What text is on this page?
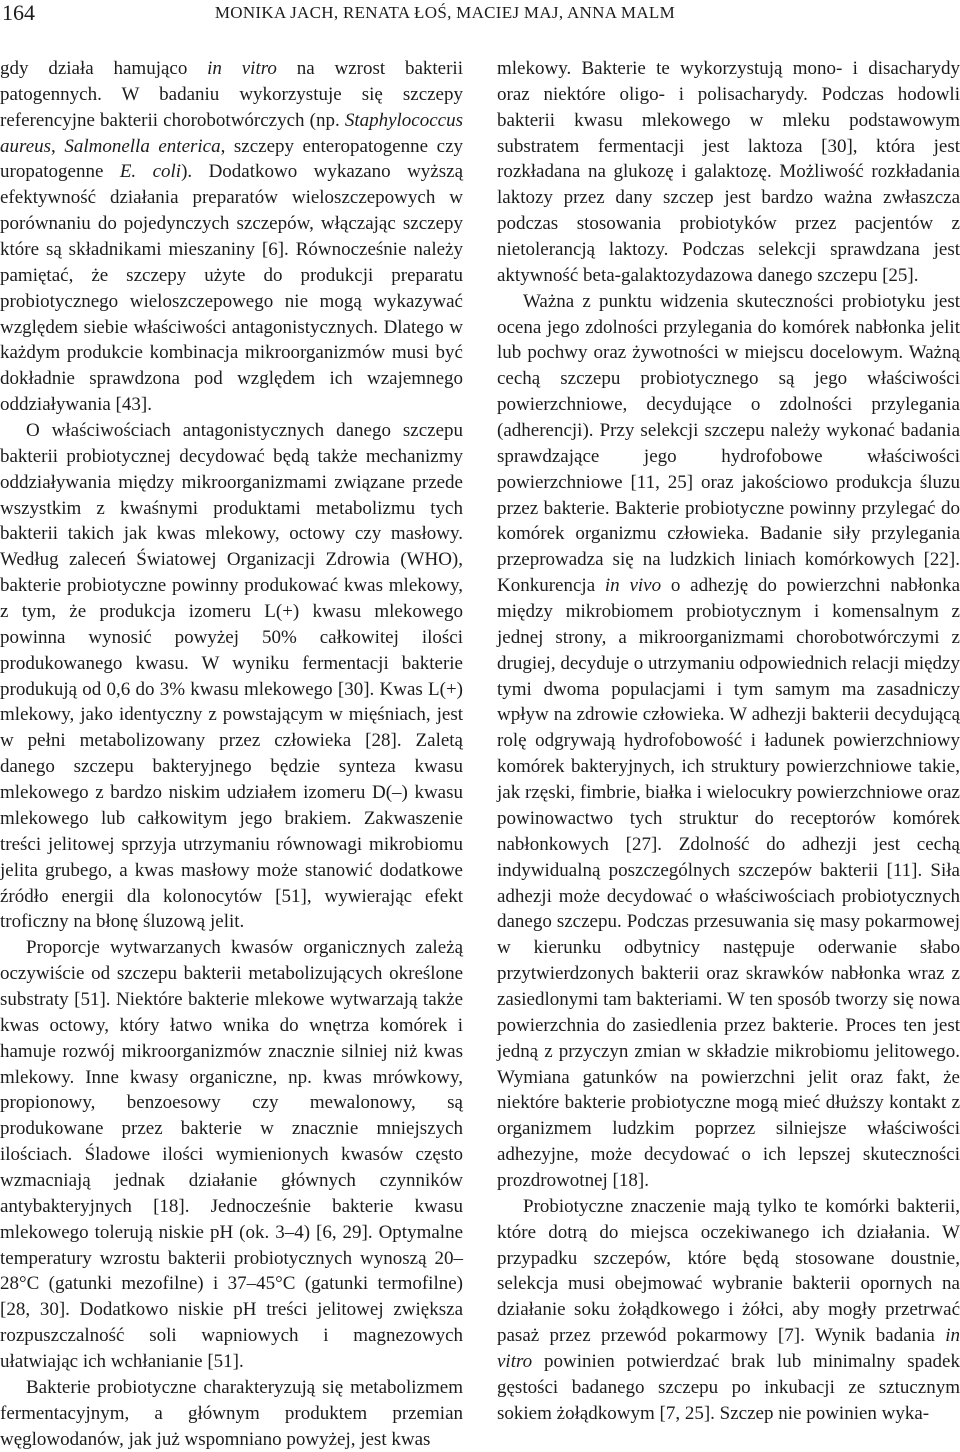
164	MONIKA JACH, RENATA ŁOŚ, MACIEJ MAJ, ANNA MALM

gdy działa hamująco in vitro na wzrost bakterii patogennych. W badaniu wykorzystuje się szczepy referencyjne bakterii chorobotwórczych (np. Staphylococcus aureus, Salmonella enterica, szczepy enteropatogenne czy uropatogenne E. coli). Dodatkowo wykazano wyższą efektywność działania preparatów wieloszczepowych w porównaniu do pojedynczych szczepów, włączając szczepy które są składnikami mieszaniny [6]. Równocześnie należy pamiętać, że szczepy użyte do produkcji preparatu probiotycznego wieloszczepowego nie mogą wykazywać względem siebie właściwości antagonistycznych. Dlatego w każdym produkcie kombinacja mikroorganizmów musi być dokładnie sprawdzona pod względem ich wzajemnego oddziaływania [43].

O właściwościach antagonistycznych danego szczepu bakterii probiotycznej decydować będą także mechanizmy oddziaływania między mikroorganizmami związane przede wszystkim z kwaśnymi produktami metabolizmu tych bakterii takich jak kwas mlekowy, octowy czy masłowy. Według zaleceń Światowej Organizacji Zdrowia (WHO), bakterie probiotyczne powinny produkować kwas mlekowy, z tym, że produkcja izomeru L(+) kwasu mlekowego powinna wynosić powyżej 50% całkowitej ilości produkowanego kwasu. W wyniku fermentacji bakterie produkują od 0,6 do 3% kwasu mlekowego [30]. Kwas L(+) mlekowy, jako identyczny z powstającym w mięśniach, jest w pełni metabolizowany przez człowieka [28]. Zaletą danego szczepu bakteryjnego będzie synteza kwasu mlekowego z bardzo niskim udziałem izomeru D(–) kwasu mlekowego lub całkowitym jego brakiem. Zakwaszenie treści jelitowej sprzyja utrzymaniu równowagi mikrobiomu jelita grubego, a kwas masłowy może stanowić dodatkowe źródło energii dla kolonocytów [51], wywierając efekt troficzny na błonę śluzową jelit.

Proporcje wytwarzanych kwasów organicznych zależą oczywiście od szczepu bakterii metabolizujących określone substraty [51]. Niektóre bakterie mlekowe wytwarzają także kwas octowy, który łatwo wnika do wnętrza komórek i hamuje rozwój mikroorganizmów znacznie silniej niż kwas mlekowy. Inne kwasy organiczne, np. kwas mrówkowy, propionowy, benzoesowy czy mewalonowy, są produkowane przez bakterie w znacznie mniejszych ilościach. Śladowe ilości wymienionych kwasów często wzmacniają jednak działanie głównych czynników antybakteryjnych [18]. Jednocześnie bakterie kwasu mlekowego tolerują niskie pH (ok. 3–4) [6, 29]. Optymalne temperatury wzrostu bakterii probiotycznych wynoszą 20–28°C (gatunki mezofilne) i 37–45°C (gatunki termofilne) [28, 30]. Dodatkowo niskie pH treści jelitowej zwiększa rozpuszczalność soli wapniowych i magnezowych ułatwiając ich wchłanianie [51].

Bakterie probiotyczne charakteryzują się metabolizmem fermentacyjnym, a głównym produktem przemian węglowodanów, jak już wspomniano powyżej, jest kwas

mlekowy. Bakterie te wykorzystują mono- i disacharydy oraz niektóre oligo- i polisacharydy. Podczas hodowli bakterii kwasu mlekowego w mleku podstawowym substratem fermentacji jest laktoza [30], która jest rozkładana na glukozę i galaktozę. Możliwość rozkładania laktozy przez dany szczep jest bardzo ważna zwłaszcza podczas stosowania probiotyków przez pacjentów z nietolerancją laktozy. Podczas selekcji sprawdzana jest aktywność beta-galaktozydazowa danego szczepu [25].

Ważna z punktu widzenia skuteczności probiotyku jest ocena jego zdolności przylegania do komórek nabłonka jelit lub pochwy oraz żywotności w miejscu docelowym. Ważną cechą szczepu probiotycznego są jego właściwości powierzchniowe, decydujące o zdolności przylegania (adherencji). Przy selekcji szczepu należy wykonać badania sprawdzające jego hydrofobowe właściwości powierzchniowe [11, 25] oraz jakościowo produkcja śluzu przez bakterie. Bakterie probiotyczne powinny przylegać do komórek organizmu człowieka. Badanie siły przylegania przeprowadza się na ludzkich liniach komórkowych [22]. Konkurencja in vivo o adhezję do powierzchni nabłonka między mikrobiomem probiotycznym i komensalnym z jednej strony, a mikroorganizmami chorobotwórczymi z drugiej, decyduje o utrzymaniu odpowiednich relacji między tymi dwoma populacjami i tym samym ma zasadniczy wpływ na zdrowie człowieka. W adhezji bakterii decydującą rolę odgrywają hydrofobowość i ładunek powierzchniowy komórek bakteryjnych, ich struktury powierzchniowe takie, jak rzęski, fimbrie, białka i wielocukry powierzchniowe oraz powinowactwo tych struktur do receptorów komórek nabłonkowych [27]. Zdolność do adhezji jest cechą indywidualną poszczególnych szczepów bakterii [11]. Siła adhezji może decydować o właściwościach probiotycznych danego szczepu. Podczas przesuwania się masy pokarmowej w kierunku odbytnicy następuje oderwanie słabo przytwierdzonych bakterii oraz skrawków nabłonka wraz z zasiedlonymi tam bakteriami. W ten sposób tworzy się nowa powierzchnia do zasiedlenia przez bakterie. Proces ten jest jedną z przyczyn zmian w składzie mikrobiomu jelitowego. Wymiana gatunków na powierzchni jelit oraz fakt, że niektóre bakterie probiotyczne mogą mieć dłuższy kontakt z organizmem ludzkim poprzez silniejsze właściwości adhezyjne, może decydować o ich lepszej skuteczności prozdrowotnej [18].

Probiotyczne znaczenie mają tylko te komórki bakterii, które dotrą do miejsca oczekiwanego ich działania. W przypadku szczepów, które będą stosowane doustnie, selekcja musi obejmować wybranie bakterii opornych na działanie soku żołądkowego i żółci, aby mogły przetrwać pasaż przez przewód pokarmowy [7]. Wynik badania in vitro powinien potwierdzać brak lub minimalny spadek gęstości badanego szczepu po inkubacji ze sztucznym sokiem żołądkowym [7, 25]. Szczep nie powinien wyka-
